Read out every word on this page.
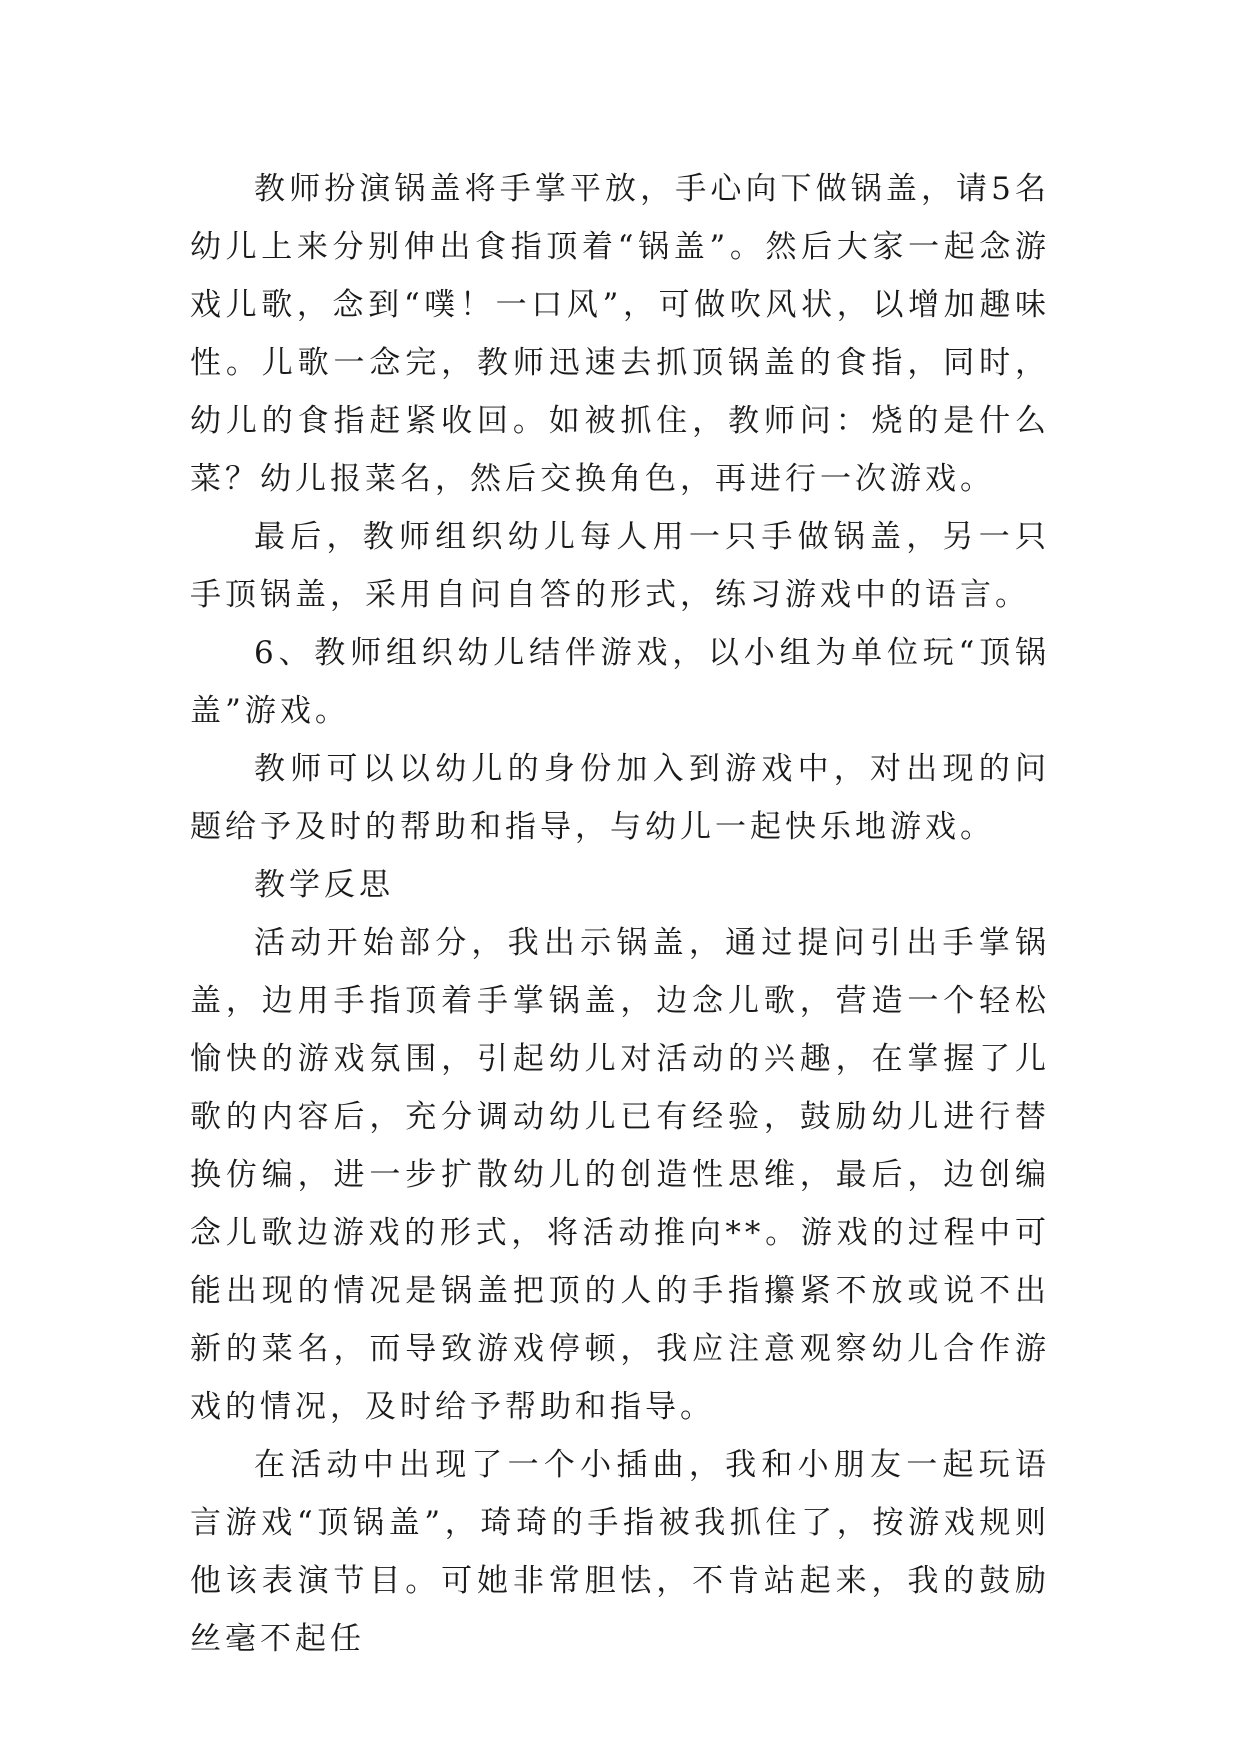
教师扮演锅盖将手掌平放，手心向下做锅盖，请5名幼儿上来分别伸出食指顶着“锅盖”。然后大家一起念游戏儿歌，念到“噗！一口风”，可做吹风状，以增加趣味性。儿歌一念完，教师迅速去抓顶锅盖的食指，同时，幼儿的食指赶紧收回。如被抓住，教师问：烧的是什么菜？幼儿报菜名，然后交换角色，再进行一次游戏。

最后，教师组织幼儿每人用一只手做锅盖，另一只手顶锅盖，采用自问自答的形式，练习游戏中的语言。

6、教师组织幼儿结伴游戏，以小组为单位玩“顶锅盖”游戏。

教师可以以幼儿的身份加入到游戏中，对出现的问题给予及时的帮助和指导，与幼儿一起快乐地游戏。

教学反思

活动开始部分，我出示锅盖，通过提问引出手掌锅盖，边用手指顶着手掌锅盖，边念儿歌，营造一个轻松愉快的游戏氛围，引起幼儿对活动的兴趣，在掌握了儿歌的内容后，充分调动幼儿已有经验，鼓励幼儿进行替换仿编，进一步扩散幼儿的创造性思维，最后，边创编念儿歌边游戏的形式，将活动推向**。游戏的过程中可能出现的情况是锅盖把顶的人的手指攥紧不放或说不出新的菜名，而导致游戏停顿，我应注意观察幼儿合作游戏的情况，及时给予帮助和指导。

在活动中出现了一个小插曲，我和小朋友一起玩语言游戏“顶锅盖”，琦琦的手指被我抓住了，按游戏规则他该表演节目。可她非常胆怯，不肯站起来，我的鼓励丝毫不起任
